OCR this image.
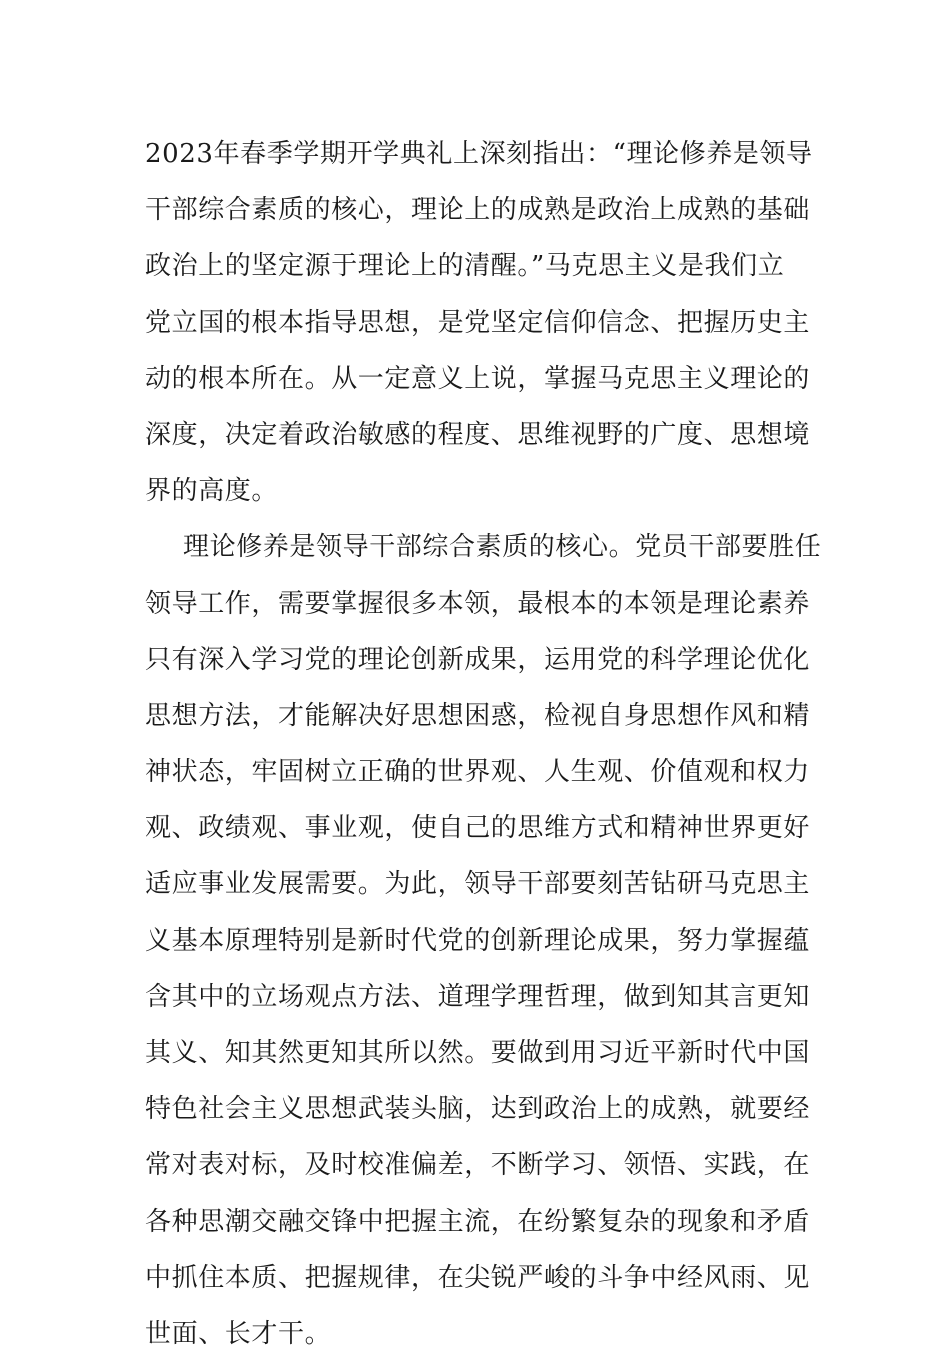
2023年春季学期开学典礼上深刻指出：“理论修养是领导
干部综合素质的核心，理论上的成熟是政治上成熟的基础
政治上的坚定源于理论上的清醒。”马克思主义是我们立
党立国的根本指导思想，是党坚定信仰信念、把握历史主
动的根本所在。从一定意义上说，掌握马克思主义理论的
深度，决定着政治敏感的程度、思维视野的广度、思想境
界的高度。
理论修养是领导干部综合素质的核心。党员干部要胜任
领导工作，需要掌握很多本领，最根本的本领是理论素养
只有深入学习党的理论创新成果，运用党的科学理论优化
思想方法，才能解决好思想困惑，检视自身思想作风和精
神状态，牢固树立正确的世界观、人生观、价值观和权力
观、政绩观、事业观，使自己的思维方式和精神世界更好
适应事业发展需要。为此，领导干部要刻苦钻研马克思主
义基本原理特别是新时代党的创新理论成果，努力掌握蕴
含其中的立场观点方法、道理学理哲理，做到知其言更知
其义、知其然更知其所以然。要做到用习近平新时代中国
特色社会主义思想武装头脑，达到政治上的成熟，就要经
常对表对标，及时校准偏差，不断学习、领悟、实践，在
各种思潮交融交锋中把握主流，在纷繁复杂的现象和矛盾
中抓住本质、把握规律，在尖锐严峻的斗争中经风雨、见
世面、长才干。
